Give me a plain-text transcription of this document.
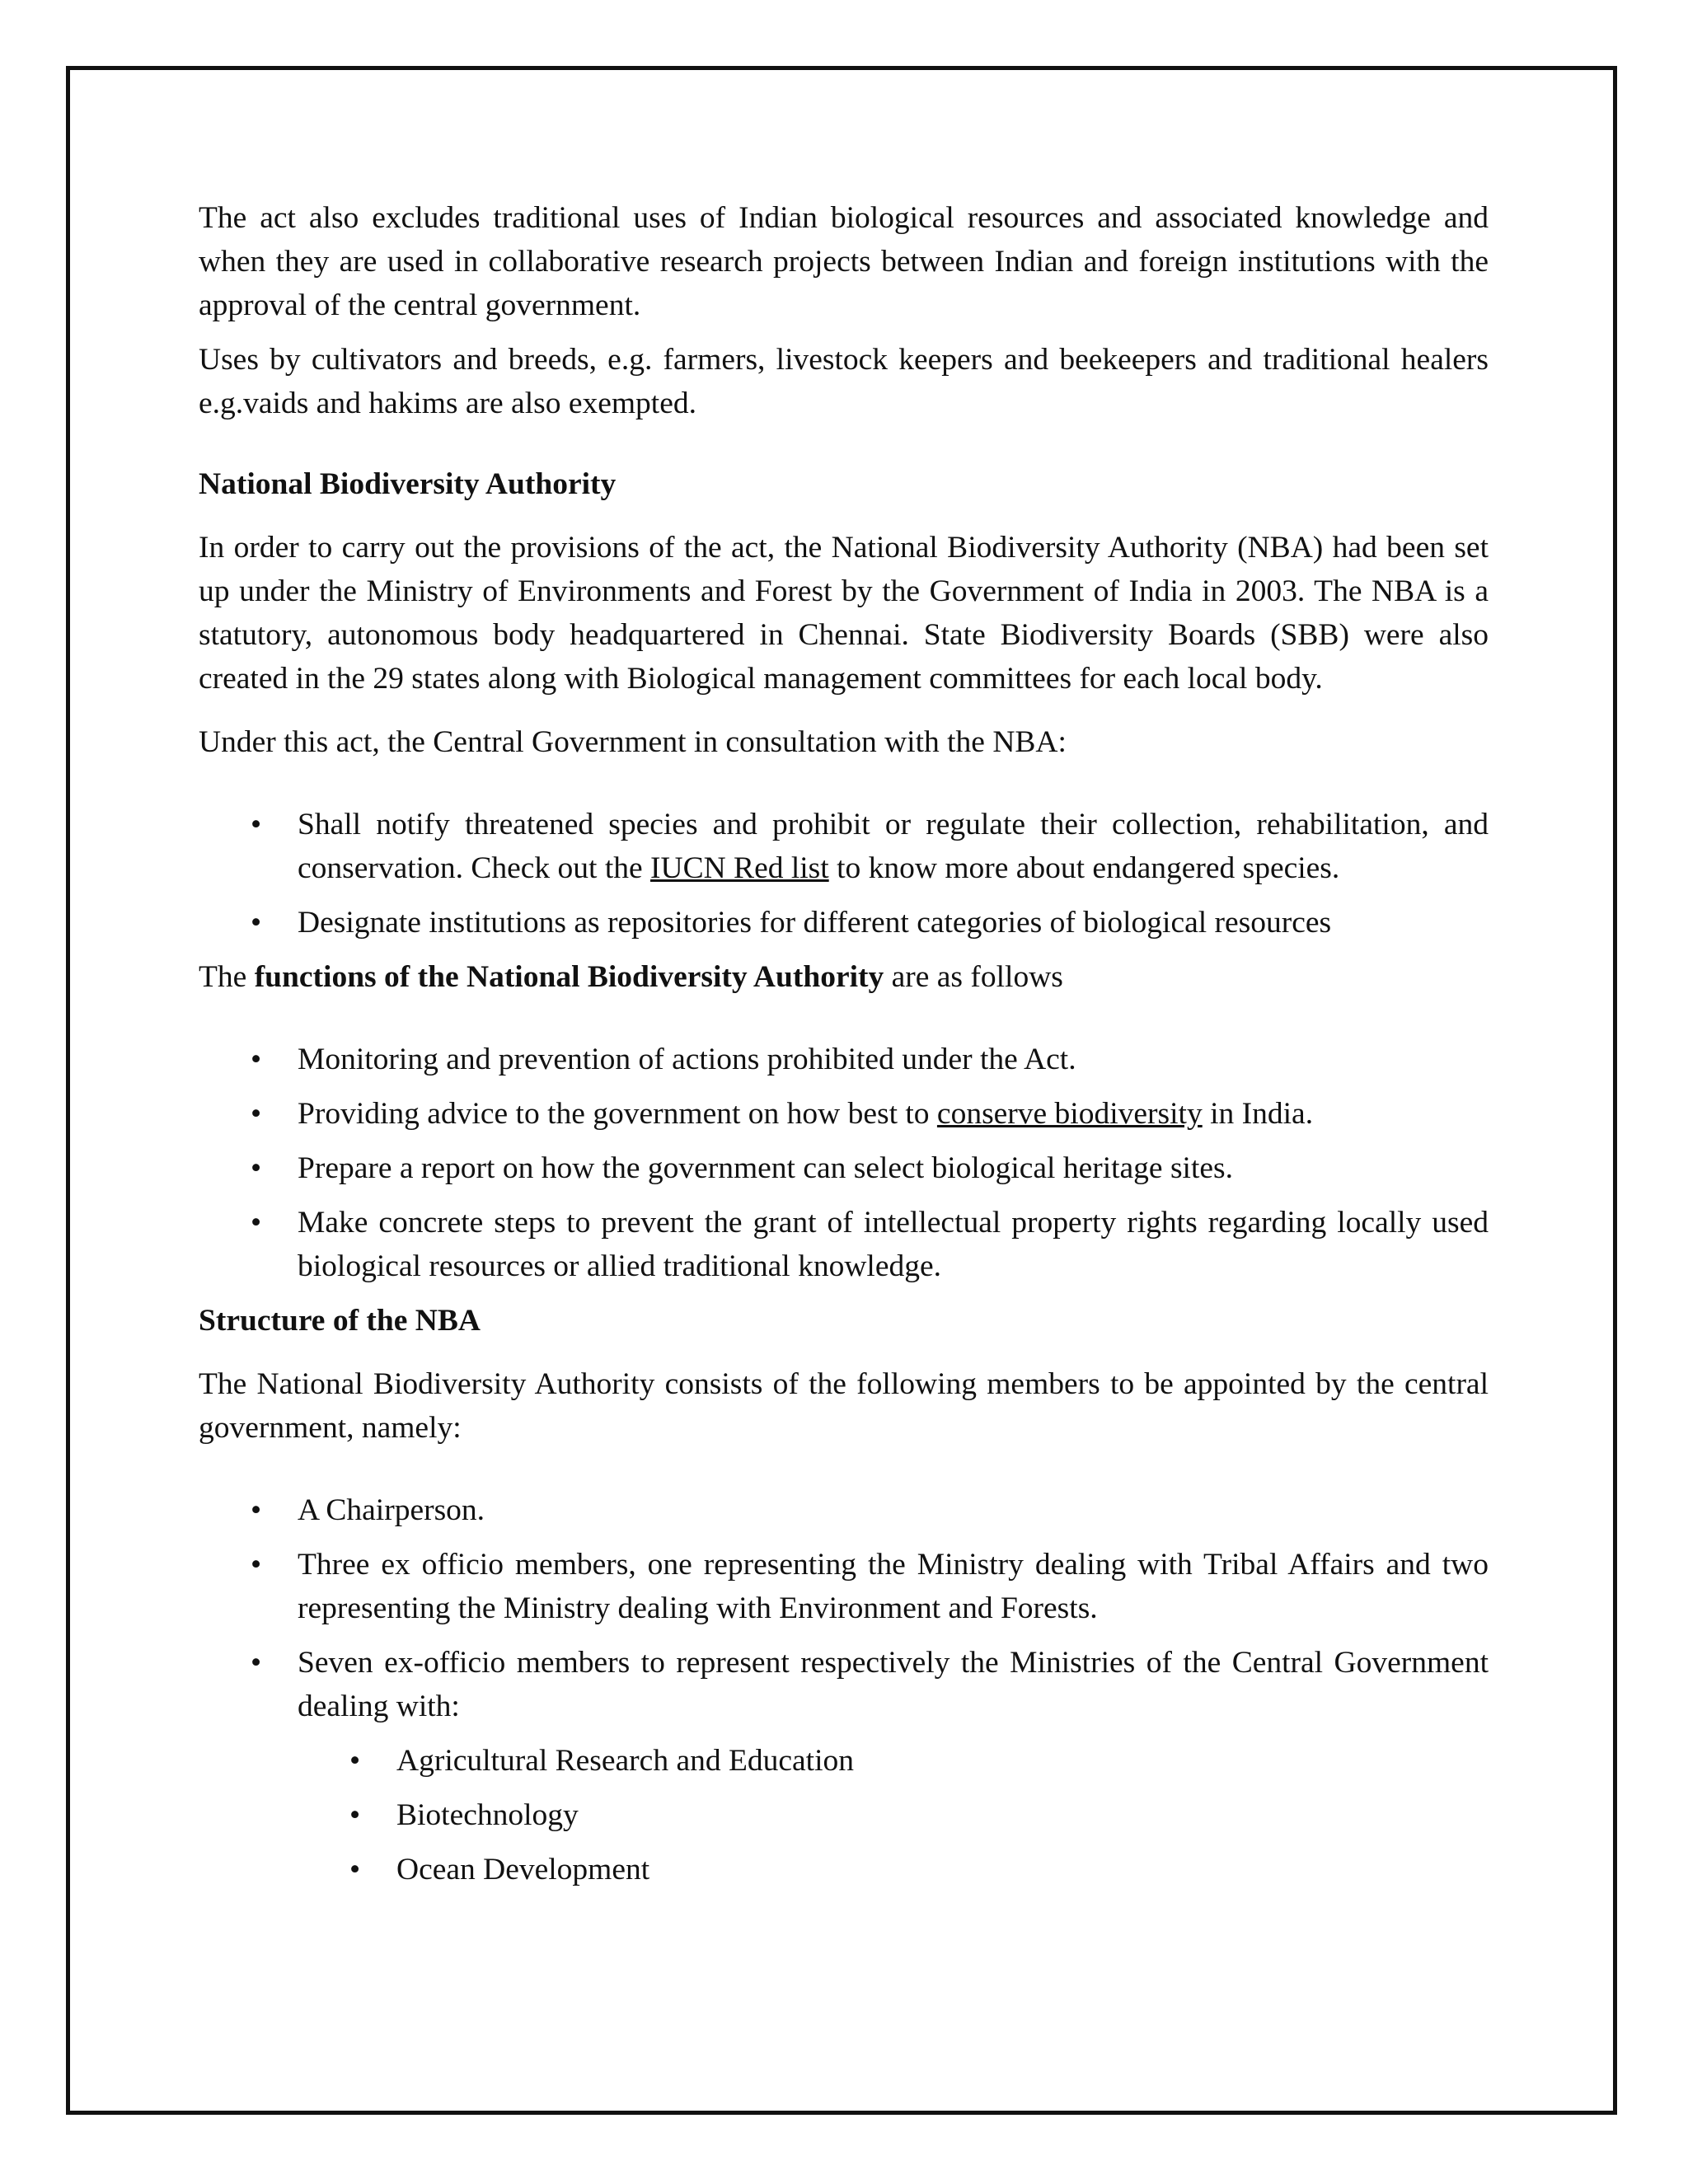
The act also excludes traditional uses of Indian biological resources and associated knowledge and when they are used in collaborative research projects between Indian and foreign institutions with the approval of the central government.

Uses by cultivators and breeds, e.g. farmers, livestock keepers and beekeepers and traditional healers e.g.vaids and hakims are also exempted.

National Biodiversity Authority

In order to carry out the provisions of the act, the National Biodiversity Authority (NBA) had been set up under the Ministry of Environments and Forest by the Government of India in 2003. The NBA is a statutory, autonomous body headquartered in Chennai. State Biodiversity Boards (SBB) were also created in the 29 states along with Biological management committees for each local body.

Under this act, the Central Government in consultation with the NBA:

• Shall notify threatened species and prohibit or regulate their collection, rehabilitation, and conservation. Check out the IUCN Red list to know more about endangered species.
• Designate institutions as repositories for different categories of biological resources

The functions of the National Biodiversity Authority are as follows

• Monitoring and prevention of actions prohibited under the Act.
• Providing advice to the government on how best to conserve biodiversity in India.
• Prepare a report on how the government can select biological heritage sites.
• Make concrete steps to prevent the grant of intellectual property rights regarding locally used biological resources or allied traditional knowledge.

Structure of the NBA

The National Biodiversity Authority consists of the following members to be appointed by the central government, namely:

• A Chairperson.
• Three ex officio members, one representing the Ministry dealing with Tribal Affairs and two representing the Ministry dealing with Environment and Forests.
• Seven ex-officio members to represent respectively the Ministries of the Central Government dealing with:
• Agricultural Research and Education
• Biotechnology
• Ocean Development
